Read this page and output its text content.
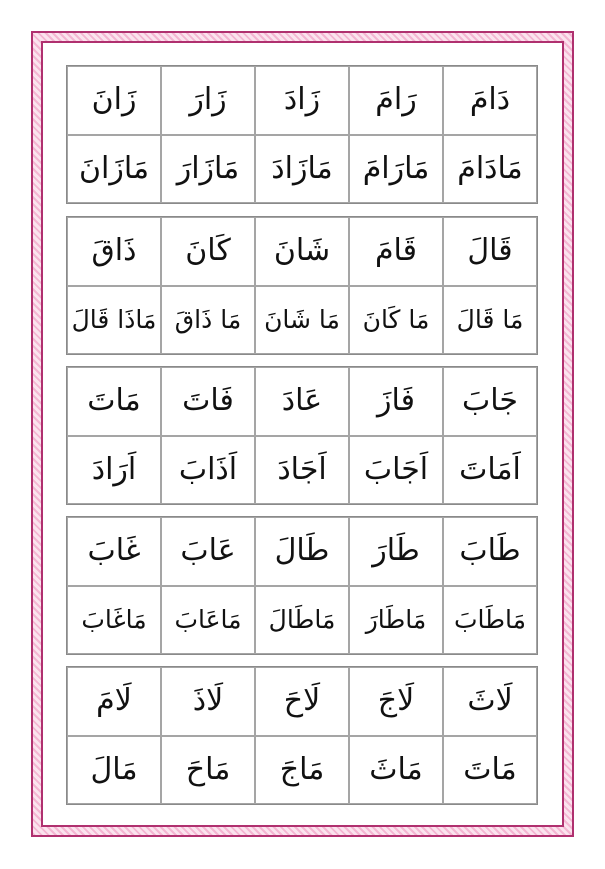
دَامَ
رَامَ
زَادَ
زَارَ
زَانَ
مَادَامَ
مَارَامَ
مَازَادَ
مَازَارَ
مَازَانَ
قَالَ
قَامَ
شَانَ
كَانَ
ذَاقَ
مَا قَالَ
مَا كَانَ
مَا شَانَ
مَا ذَاقَ
مَاذَا قَالَ
جَابَ
فَازَ
عَادَ
فَاتَ
مَاتَ
اَمَاتَ
اَجَابَ
اَجَادَ
اَذَابَ
اَرَادَ
طَابَ
طَارَ
طَالَ
عَابَ
غَابَ
مَاطَابَ
مَاطَارَ
مَاطَالَ
مَاعَابَ
مَاغَابَ
لَاثَ
لَاجَ
لَاحَ
لَاذَ
لَامَ
مَاتَ
مَاثَ
مَاجَ
مَاحَ
مَالَ
